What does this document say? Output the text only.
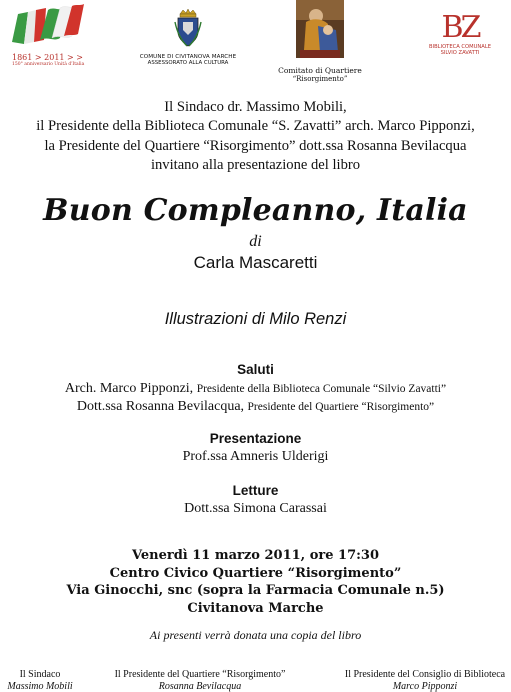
1861 > 2011 > >
150° anniversario Unità d'Italia
COMUNE DI CIVITANOVA MARCHE
ASSESSORATO ALLA CULTURA
Comitato di Quartiere
“Risorgimento”
BZ
BIBLIOTECA COMUNALE
SILVIO ZAVATTI
Il Sindaco dr. Massimo Mobili,
il Presidente della Biblioteca Comunale “S. Zavatti” arch. Marco Pipponzi,
la Presidente del Quartiere “Risorgimento” dott.ssa Rosanna Bevilacqua
invitano alla presentazione del libro
Buon Compleanno, Italia
di
Carla Mascaretti
Illustrazioni di Milo Renzi
Saluti
Arch. Marco Pipponzi, Presidente della Biblioteca Comunale “Silvio Zavatti”
Dott.ssa Rosanna Bevilacqua, Presidente del Quartiere “Risorgimento”
Presentazione
Prof.ssa Amneris Ulderigi
Letture
Dott.ssa Simona Carassai
Venerdì 11 marzo 2011, ore 17:30
Centro Civico Quartiere “Risorgimento”
Via Ginocchi, snc (sopra la Farmacia Comunale n.5)
Civitanova Marche
Ai presenti verrà donata una copia del libro
Il Sindaco
Massimo Mobili
Il Presidente del Quartiere “Risorgimento”
Rosanna Bevilacqua
Il Presidente del Consiglio di Biblioteca
Marco Pipponzi
